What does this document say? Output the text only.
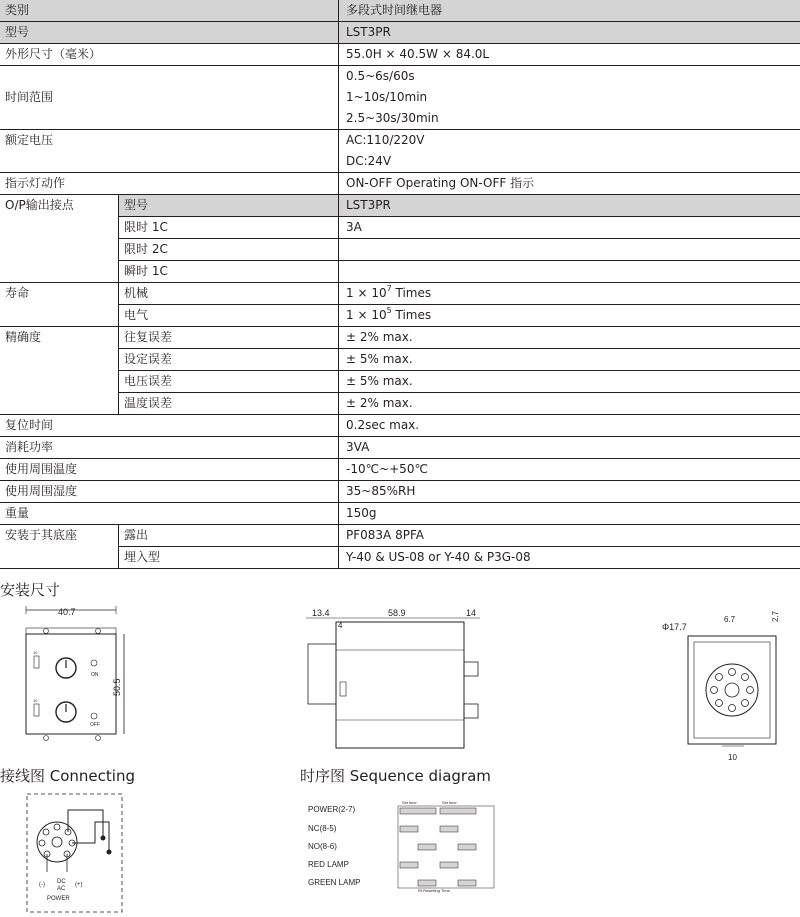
类别		多段式时间继电器
型号		LST3PR
外形尺寸（毫米）		55.0H × 40.5W × 84.0L
时间范围		0.5~6s/60s
		1~10s/10min
		2.5~30s/30min
额定电压		AC:110/220V
		DC:24V
指示灯动作		ON-OFF Operating ON-OFF 指示
O/P输出接点	型号	LST3PR
	限时 1C	3A
	限时 2C	
	瞬时 1C	
寿命	机械	$1 \times 10^7$ Times
	电气	$1 \times 10^5$ Times
精确度	往复误差	± 2% max.
	设定误差	± 5% max.
	电压误差	± 5% max.
	温度误差	± 2% max.
复位时间		0.2sec max.
消耗功率		3VA
使用周围温度		-10℃~+50℃
使用周围湿度		35~85%RH
重量		150g
安装于其底座	露出	PF083A 8PFA
	埋入型	Y-40 & US-08 or Y-40 & P3G-08
安装尺寸
接线图 Connecting	时序图 Sequence diagram
40.7
50.5
10
10
ON
OFF
13.4
4
58.9	14
Φ17.7
6.7	2.7
10
(-)	(+)
DC
AC
POWER
POWER(2-7)
NC(8-5)
NO(8-6)
RED LAMP
GREEN LAMP
Set time	Set time
Rt Resetting Time
